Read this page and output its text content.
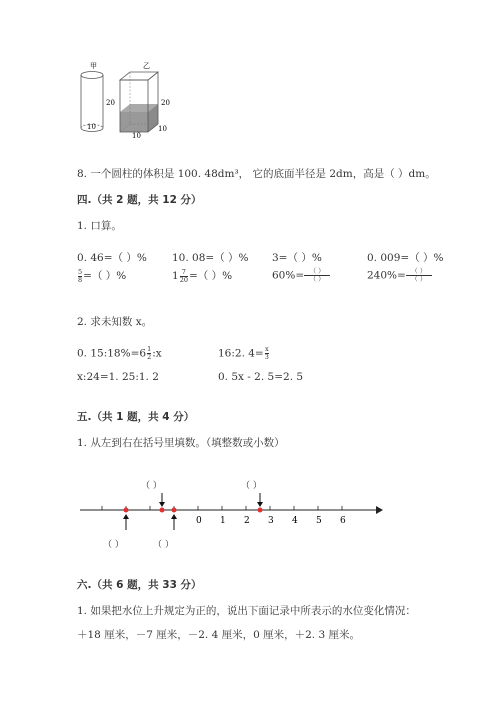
甲
20
10
乙
20
10
10
8. 一个圆柱的体积是 100. 48dm³， 它的底面半径是 2dm，高是（ ）dm。
四.（共 2 题，共 12 分）
1. 口算。
0. 46=（ ）% 10. 08=（ ）% 3=（ ）%	0. 009=（ ）%
$\frac{5}{8}$ =（ ）%	$1 \frac{7}{20}$ =（ ）%	$60\%= \frac{( )}{( )}$	$240\%= \frac{( )}{( )}$
2. 求未知数 x。
0. 15:18%=6 $\frac{1}{2}$ :x	16:2. $4= \frac{x}{3}$
x:24=1. 25:1. 2	0. 5x - 2. 5=2. 5
五.（共 1 题，共 4 分）
1. 从左到右在括号里填数。（填整数或小数）
（ ）	（ ）
（ ）	（ ）
0 1 2 3 4 5 6
六.（共 6 题，共 33 分）
1. 如果把水位上升规定为正的，说出下面记录中所表示的水位变化情况：
＋18 厘米，－7 厘米，－2. 4 厘米，0 厘米，＋2. 3 厘米。
